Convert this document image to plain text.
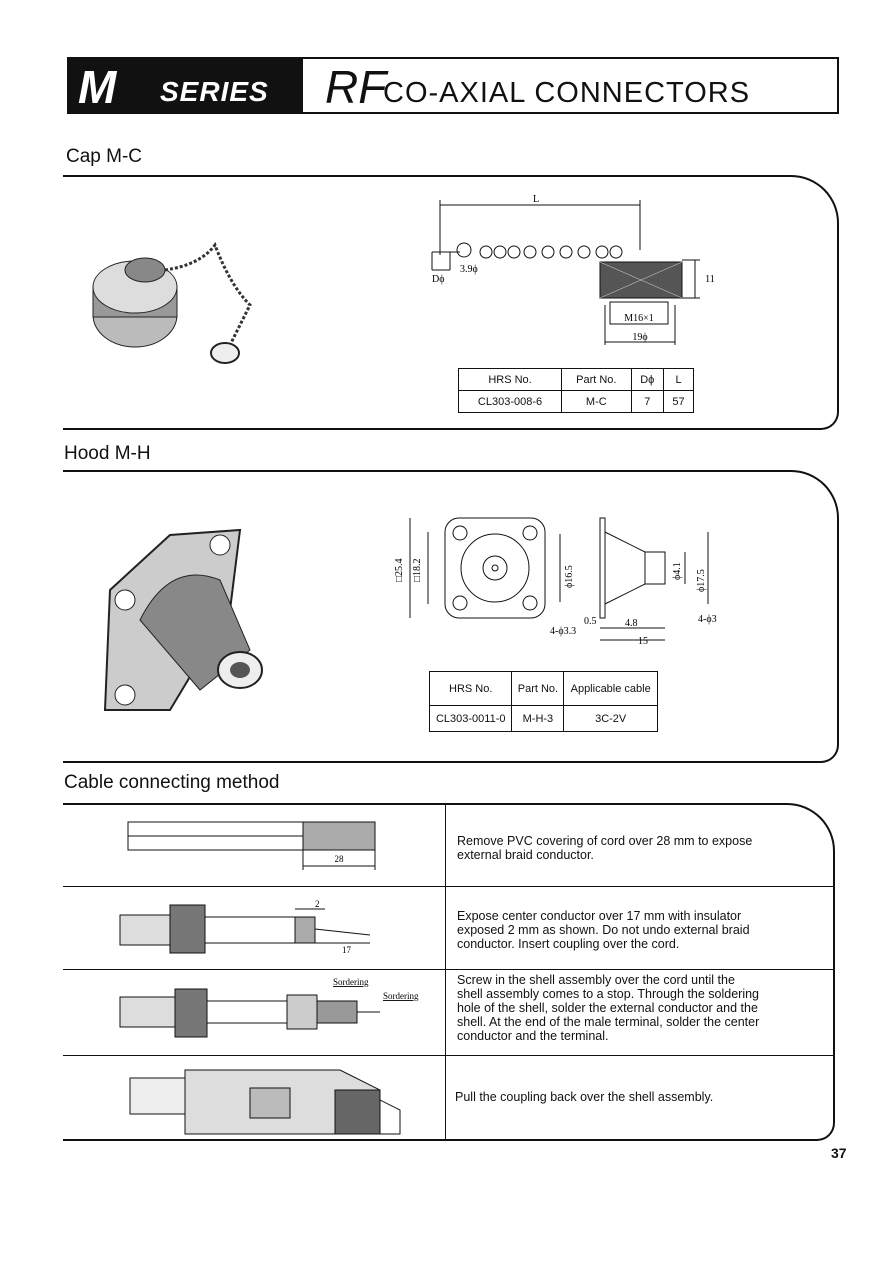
M SERIES RF
CO-AXIAL CONNECTORS
Cap M-C
L
Dϕ
3.9ϕ
M16×1
19ϕ
11
HRS No.	Part No.	Dϕ	L
CL303-008-6	M-C	7	57
Hood M-H
□25.4 □18.2	ϕ16.5
4-ϕ3.3
0.5	4.8
15
ϕ4.1 ϕ17.5
4-ϕ3
HRS No.	Part No.	Applicable cable
CL303-0011-0	M-H-3	3C-2V
Cable connecting method
28
Remove PVC covering of cord over 28 mm to expose external braid conductor.
2
17
Expose center conductor over 17 mm with insulator exposed 2 mm as shown. Do not undo external braid conductor. Insert coupling over the cord.
Sordering
Sordering
Screw in the shell assembly over the cord until the shell assembly comes to a stop. Through the soldering hole of the shell, solder the external conductor and the shell. At the end of the male terminal, solder the center conductor and the terminal.
Pull the coupling back over the shell assembly.
37
